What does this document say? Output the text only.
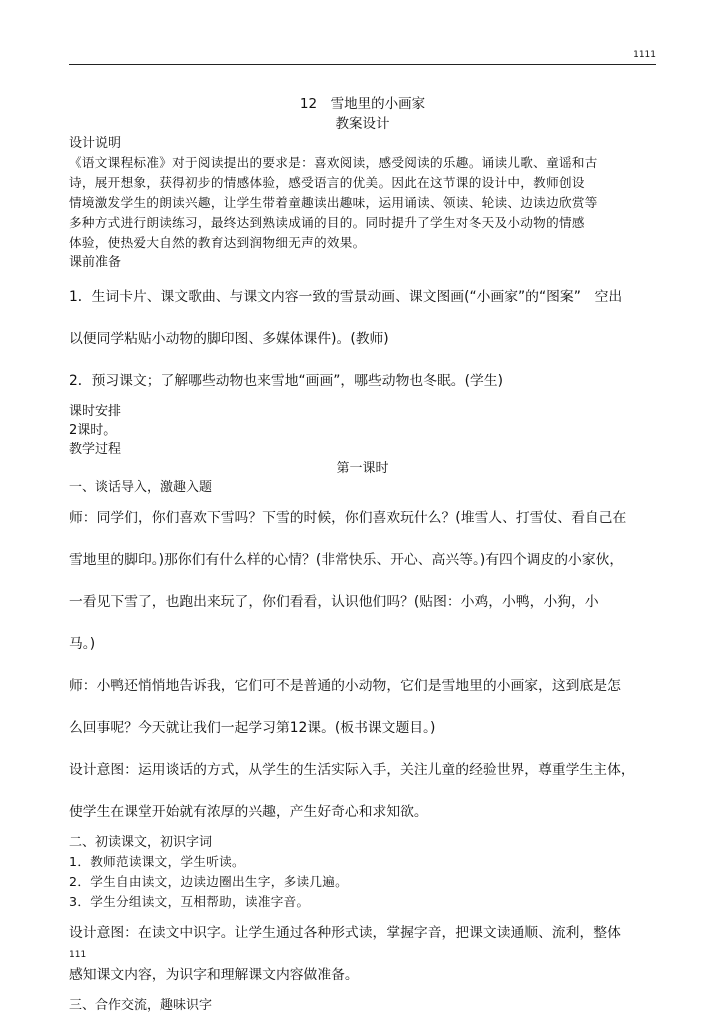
1111

12　雪地里的小画家

教案设计

设计说明

《语文课程标准》对于阅读提出的要求是：喜欢阅读，感受阅读的乐趣。诵读儿歌、童谣和古

诗，展开想象，获得初步的情感体验，感受语言的优美。因此在这节课的设计中，教师创设

情境激发学生的朗读兴趣，让学生带着童趣读出趣味，运用诵读、领读、轮读、边读边欣赏等

多种方式进行朗读练习，最终达到熟读成诵的目的。同时提升了学生对冬天及小动物的情感

体验，使热爱大自然的教育达到润物细无声的效果。

课前准备

1．生词卡片、课文歌曲、与课文内容一致的雪景动画、课文图画(“小画家”的“图案”　空出

以便同学粘贴小动物的脚印图、多媒体课件)。(教师)

2．预习课文；了解哪些动物也来雪地“画画”，哪些动物也冬眠。(学生)

课时安排

2课时。

教学过程

第一课时

一、谈话导入，激趣入题

师：同学们，你们喜欢下雪吗？下雪的时候，你们喜欢玩什么？(堆雪人、打雪仗、看自己在

雪地里的脚印。)那你们有什么样的心情？(非常快乐、开心、高兴等。)有四个调皮的小家伙，

一看见下雪了，也跑出来玩了，你们看看，认识他们吗？(贴图：小鸡，小鸭，小狗，小

马。)

师：小鸭还悄悄地告诉我，它们可不是普通的小动物，它们是雪地里的小画家，这到底是怎

么回事呢？今天就让我们一起学习第12课。(板书课文题目。)

设计意图：运用谈话的方式，从学生的生活实际入手，关注儿童的经验世界，尊重学生主体，

使学生在课堂开始就有浓厚的兴趣，产生好奇心和求知欲。

二、初读课文，初识字词

1．教师范读课文，学生听读。

2．学生自由读文，边读边圈出生字，多读几遍。

3．学生分组读文，互相帮助，读准字音。

设计意图：在读文中识字。让学生通过各种形式读，掌握字音，把课文读通顺、流利，整体

感知课文内容，为识字和理解课文内容做准备。

三、合作交流，趣味识字

111
